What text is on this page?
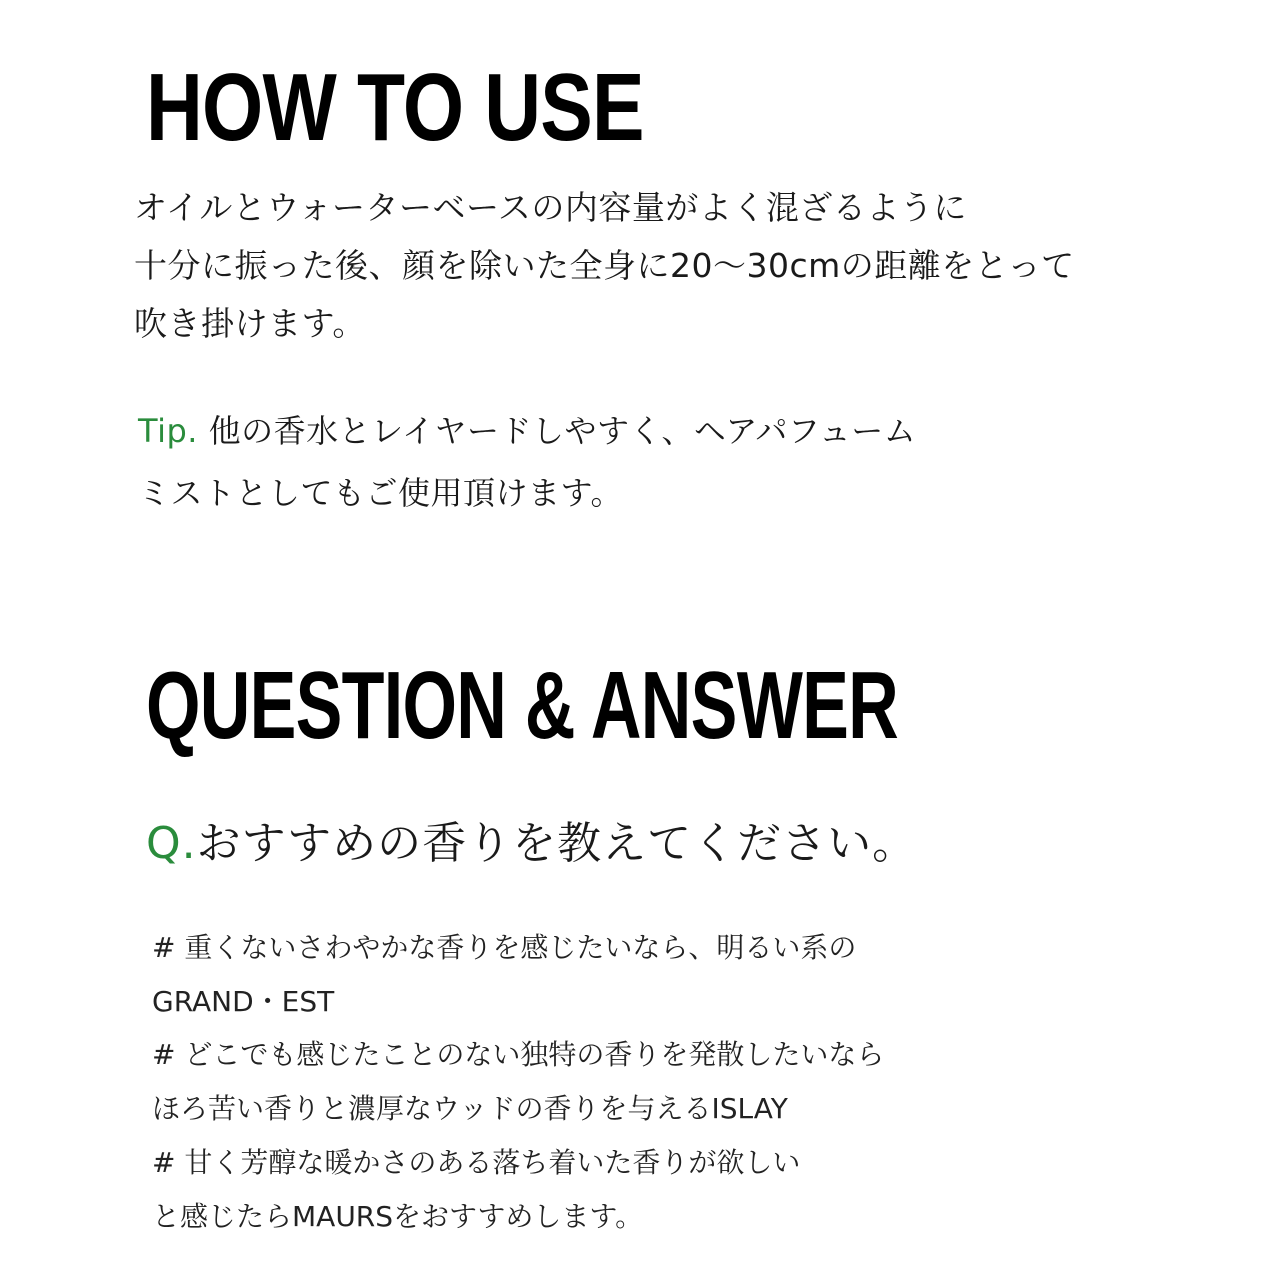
HOW TO USE

オイルとウォーターベースの内容量がよく混ざるように

十分に振った後、顔を除いた全身に20〜30cmの距離をとって

吹き掛けます。

Tip. 他の香水とレイヤードしやすく、ヘアパフューム

ミストとしてもご使用頂けます。

QUESTION & ANSWER

Q.おすすめの香りを教えてください。

# 重くないさわやかな香りを感じたいなら、明るい系の

GRAND・EST

# どこでも感じたことのない独特の香りを発散したいなら

ほろ苦い香りと濃厚なウッドの香りを与えるISLAY

# 甘く芳醇な暖かさのある落ち着いた香りが欲しい

と感じたらMAURSをおすすめします。
